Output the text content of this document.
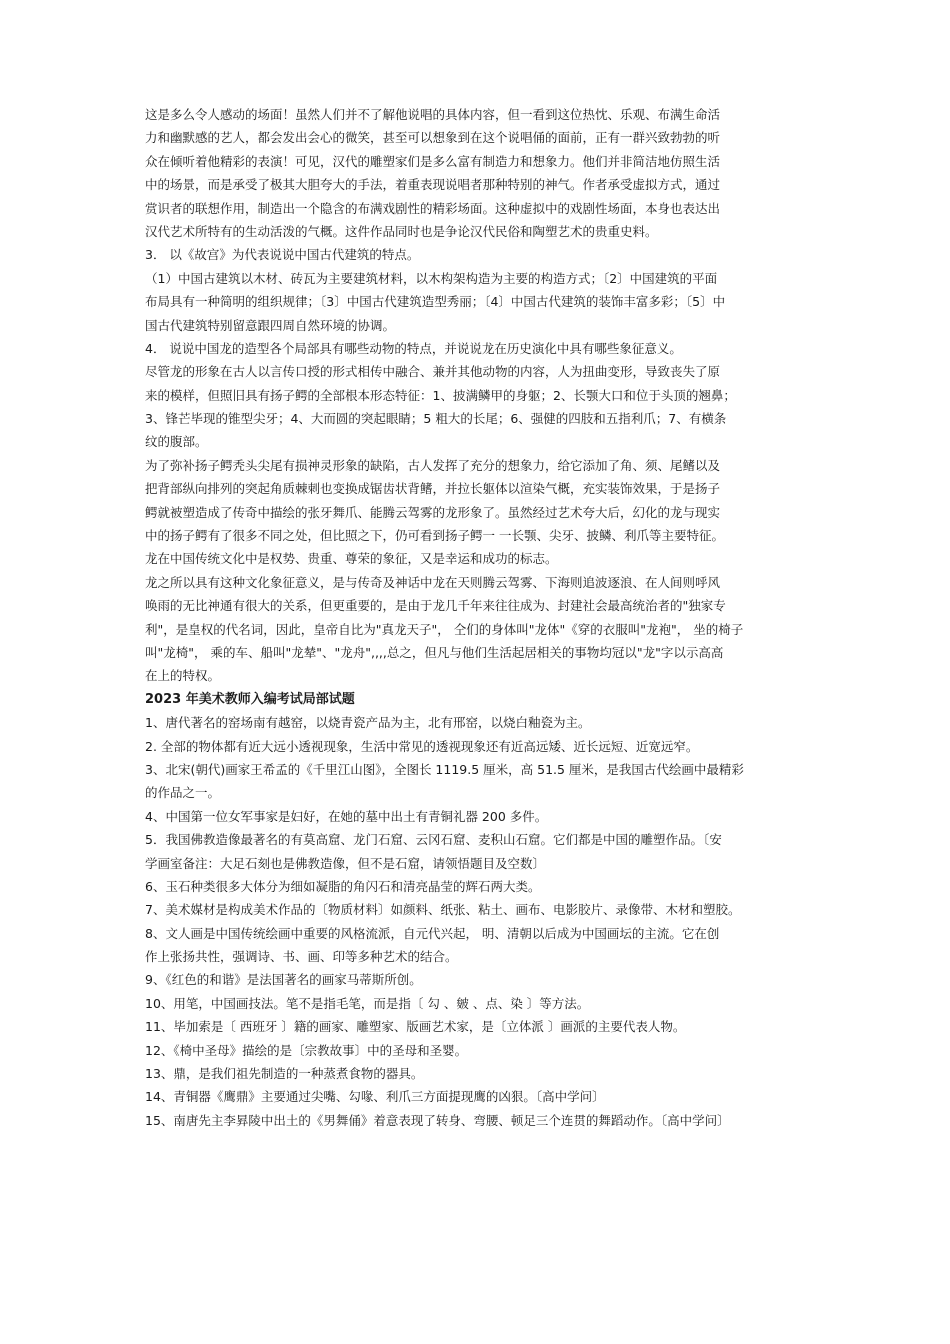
这是多么令人感动的场面！虽然人们并不了解他说唱的具体内容，但一看到这位热忱、乐观、布满生命活
力和幽默感的艺人，都会发出会心的微笑，甚至可以想象到在这个说唱俑的面前，正有一群兴致勃勃的听
众在倾听着他精彩的表演！可见，汉代的雕塑家们是多么富有制造力和想象力。他们并非简洁地仿照生活
中的场景，而是承受了极其大胆夸大的手法，着重表现说唱者那种特别的神气。作者承受虚拟方式，通过
赏识者的联想作用，制造出一个隐含的布满戏剧性的精彩场面。这种虚拟中的戏剧性场面，本身也表达出
汉代艺术所特有的生动活泼的气概。这件作品同时也是争论汉代民俗和陶塑艺术的贵重史料。
3． 以《故宫》为代表说说中国古代建筑的特点。
（1）中国古建筑以木材、砖瓦为主要建筑材料，以木构架构造为主要的构造方式；〔2〕中国建筑的平面
布局具有一种简明的组织规律；〔3〕中国古代建筑造型秀丽；〔4〕中国古代建筑的装饰丰富多彩；〔5〕中
国古代建筑特别留意跟四周自然环境的协调。
4． 说说中国龙的造型各个局部具有哪些动物的特点，并说说龙在历史演化中具有哪些象征意义。
尽管龙的形象在古人以言传口授的形式相传中融合、兼并其他动物的内容，人为扭曲变形，导致丧失了原
来的模样，但照旧具有扬子鳄的全部根本形态特征：1、披满鳞甲的身躯；2、长颚大口和位于头顶的翘鼻；
3、锋芒毕现的锥型尖牙；4、大而圆的突起眼睛；5 粗大的长尾；6、强健的四肢和五指利爪；7、有横条
纹的腹部。
为了弥补扬子鳄秃头尖尾有损神灵形象的缺陷，古人发挥了充分的想象力，给它添加了角、须、尾鳍以及
把背部纵向排列的突起角质棘刺也变换成锯齿状背鳍，并拉长躯体以渲染气概，充实装饰效果，于是扬子
鳄就被塑造成了传奇中描绘的张牙舞爪、能腾云驾雾的龙形象了。虽然经过艺术夸大后，幻化的龙与现实
中的扬子鳄有了很多不同之处，但比照之下，仍可看到扬子鳄一 一长颚、尖牙、披鳞、利爪等主要特征。
龙在中国传统文化中是权势、贵重、尊荣的象征，又是幸运和成功的标志。
龙之所以具有这种文化象征意义，是与传奇及神话中龙在天则腾云驾雾、下海则追波逐浪、在人间则呼风
唤雨的无比神通有很大的关系，但更重要的，是由于龙几千年来往往成为、封建社会最高统治者的"独家专
利"，是皇权的代名词，因此，皇帝自比为"真龙天子"， 仝们的身体叫"龙体"《穿的衣服叫"龙袍"， 坐的椅子
叫"龙椅"， 乘的车、船叫"龙辇"、"龙舟",,,,总之，但凡与他们生活起居相关的事物均冠以"龙"字以示高高
在上的特权。
2023 年美术教师入编考试局部试题
1、唐代著名的窑场南有越窑，以烧青瓷产品为主，北有邢窑，以烧白釉瓷为主。
2. 全部的物体都有近大远小透视现象，生活中常见的透视现象还有近高远矮、近长远短、近宽远窄。
3、北宋(朝代)画家王希孟的《千里江山图》，全图长 1119.5 厘米，高 51.5 厘米，是我国古代绘画中最精彩
的作品之一。
4、中国第一位女军事家是妇好，在她的墓中出土有青铜礼器 200 多件。
5．我国佛教造像最著名的有莫高窟、龙门石窟、云冈石窟、麦积山石窟。它们都是中国的雕塑作品。〔安
学画室备注：大足石刻也是佛教造像，但不是石窟，请领悟题目及空数〕
6、玉石种类很多大体分为细如凝脂的角闪石和清亮晶莹的辉石两大类。
7、美术媒材是构成美术作品的〔物质材料〕如颜料、纸张、粘土、画布、电影胶片、录像带、木材和塑胶。
8、文人画是中国传统绘画中重要的风格流派，自元代兴起， 明、清朝以后成为中国画坛的主流。它在创
作上张扬共性，强调诗、书、画、印等多种艺术的结合。
9、《红色的和谐》是法国著名的画家马蒂斯所创。
10、用笔，中国画技法。笔不是指毛笔，而是指〔 勾 、皴 、点、染 〕等方法。
11、毕加索是〔 西班牙 〕籍的画家、雕塑家、版画艺术家，是〔立体派 〕画派的主要代表人物。
12、《椅中圣母》描绘的是〔宗教故事〕中的圣母和圣婴。
13、鼎，是我们祖先制造的一种蒸煮食物的器具。
14、青铜器《鹰鼎》主要通过尖嘴、勾喙、利爪三方面提现鹰的凶狠。〔高中学问〕
15、南唐先主李昪陵中出土的《男舞俑》着意表现了转身、弯腰、顿足三个连贯的舞蹈动作。〔高中学问〕
